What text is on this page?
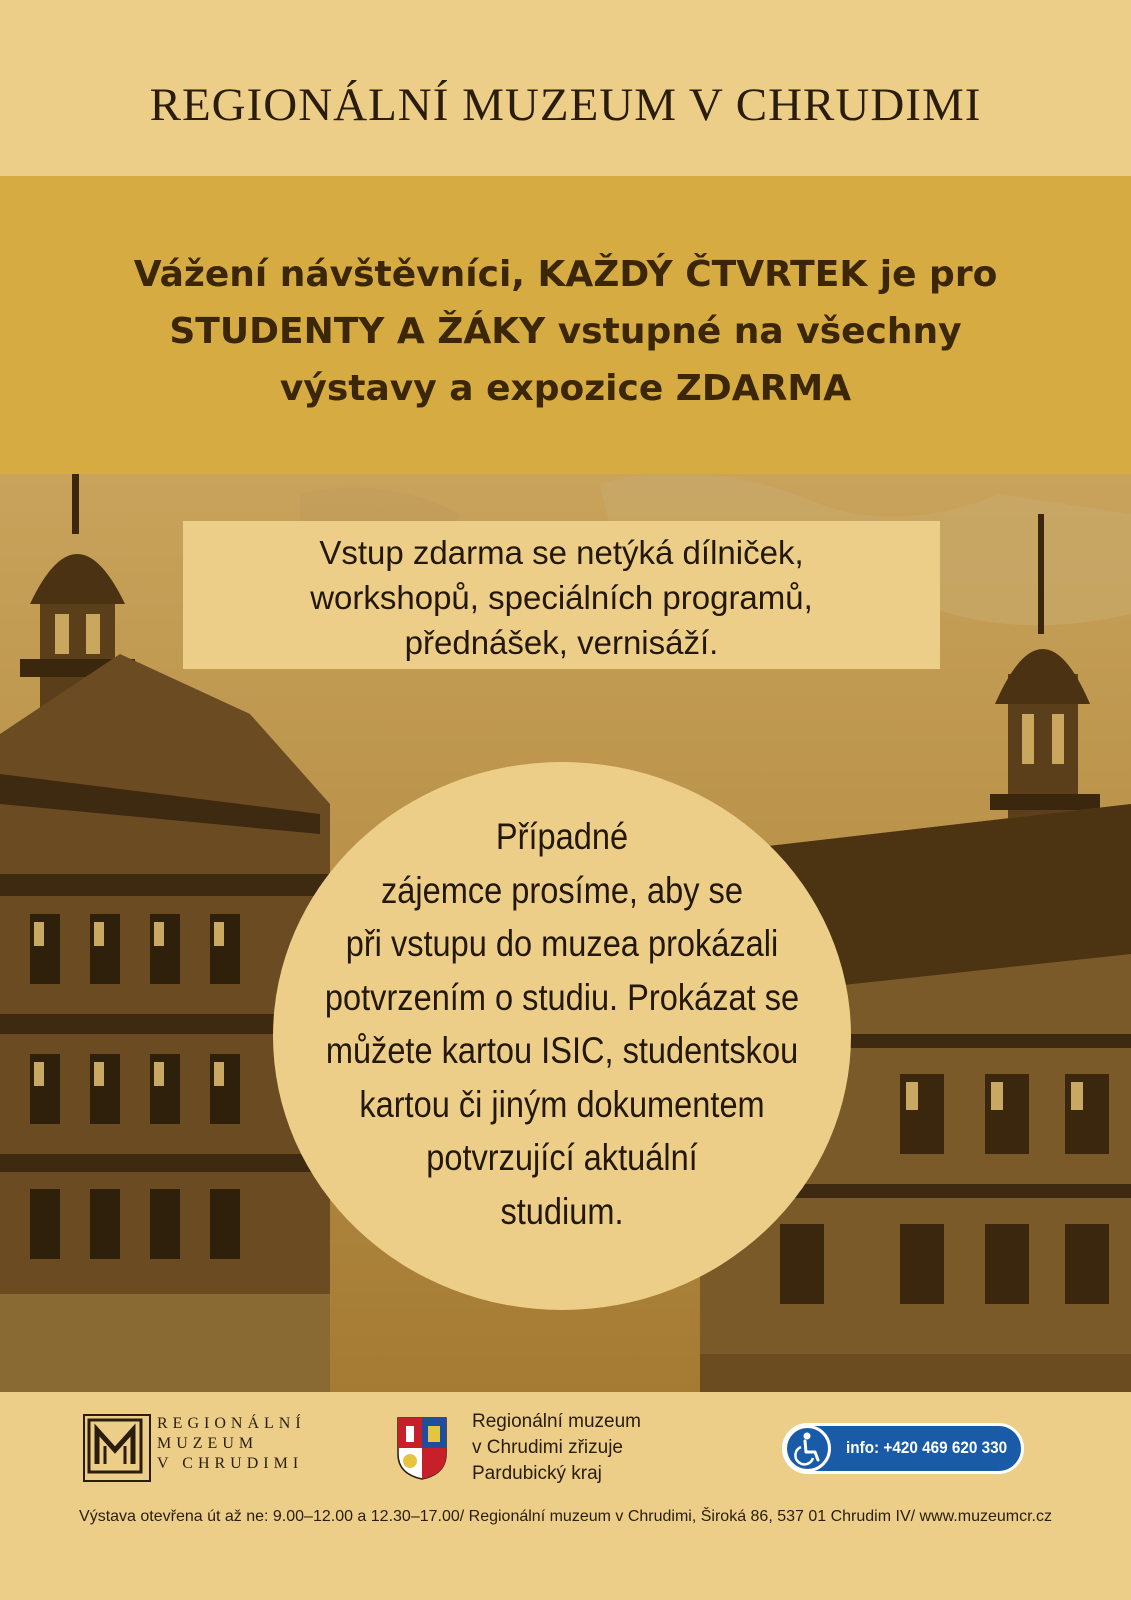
REGIONÁLNÍ MUZEUM V CHRUDIMI
Vážení návštěvníci, KAŽDÝ ČTVRTEK je pro
STUDENTY A ŽÁKY vstupné na všechny
výstavy a expozice ZDARMA
Vstup zdarma se netýká dílniček,
workshopů, speciálních programů,
přednášek, vernisáží.
Případné
zájemce prosíme, aby se
při vstupu do muzea prokázali
potvrzením o studiu. Prokázat se
můžete kartou ISIC, studentskou
kartou či jiným dokumentem
potvrzující aktuální
studium.
REGIONÁLNÍ
MUZEUM
V CHRUDIMI
Regionální muzeum
v Chrudimi zřizuje
Pardubický kraj
info: +420 469 620 330
Výstava otevřena út až ne: 9.00–12.00 a 12.30–17.00/ Regionální muzeum v Chrudimi, Široká 86, 537 01 Chrudim IV/ www.muzeumcr.cz
